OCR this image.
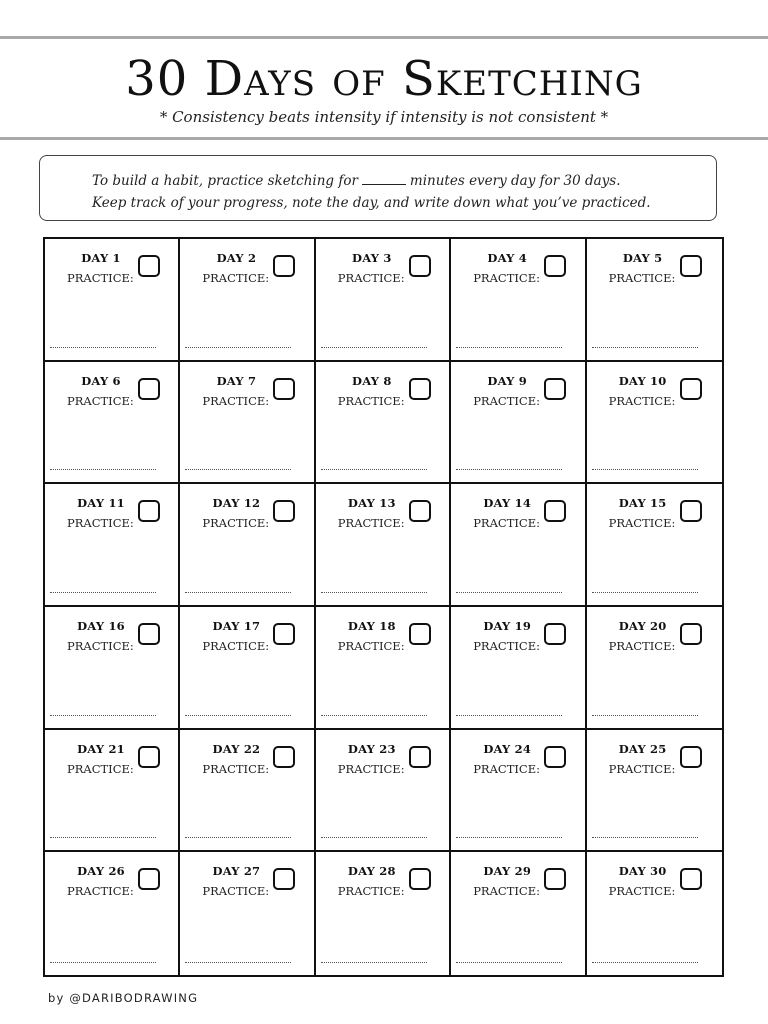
30 Days of Sketching
* Consistency beats intensity if intensity is not consistent *
To build a habit, practice sketching for	minutes every day for 30 days.
Keep track of your progress, note the day, and write down what you’ve practiced.
DAY 1
PRACTICE:
DAY 2
PRACTICE:
DAY 3
PRACTICE:
DAY 4
PRACTICE:
DAY 5
PRACTICE:
DAY 6
PRACTICE:
DAY 7
PRACTICE:
DAY 8
PRACTICE:
DAY 9
PRACTICE:
DAY 10
PRACTICE:
DAY 11
PRACTICE:
DAY 12
PRACTICE:
DAY 13
PRACTICE:
DAY 14
PRACTICE:
DAY 15
PRACTICE:
DAY 16
PRACTICE:
DAY 17
PRACTICE:
DAY 18
PRACTICE:
DAY 19
PRACTICE:
DAY 20
PRACTICE:
DAY 21
PRACTICE:
DAY 22
PRACTICE:
DAY 23
PRACTICE:
DAY 24
PRACTICE:
DAY 25
PRACTICE:
DAY 26
PRACTICE:
DAY 27
PRACTICE:
DAY 28
PRACTICE:
DAY 29
PRACTICE:
DAY 30
PRACTICE:
by @DARIBODRAWING
